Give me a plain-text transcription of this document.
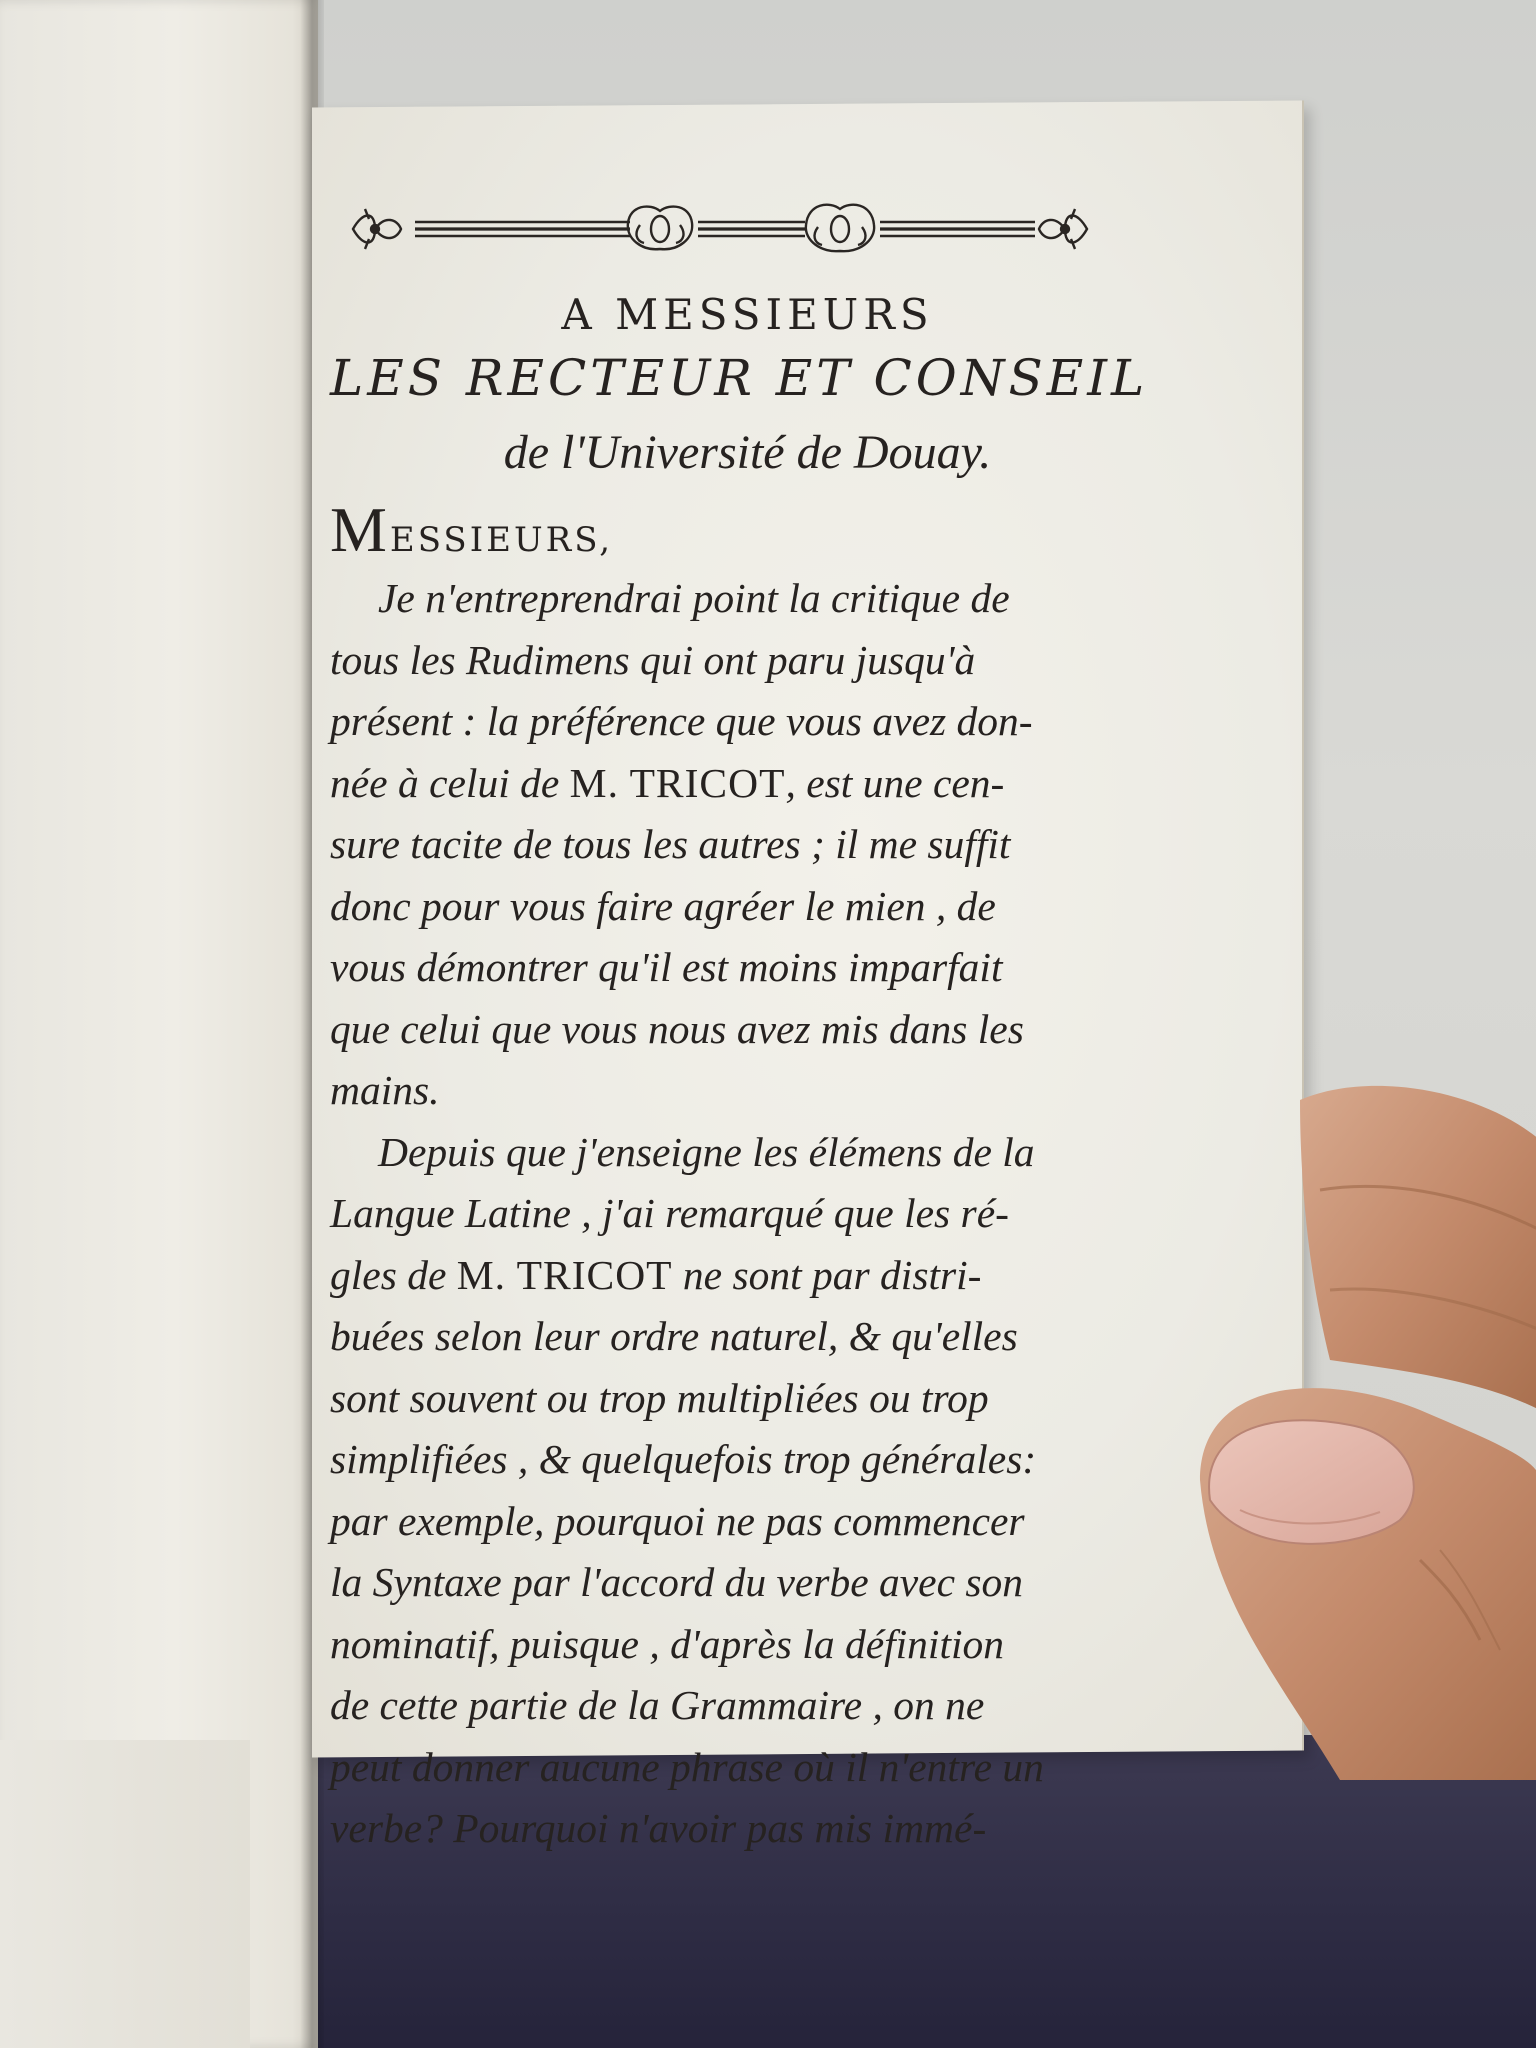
A MESSIEURS
LES RECTEUR ET CONSEIL
de l'Université de Douay.
MESSIEURS,
Je n'entreprendrai point la critique de
tous les Rudimens qui ont paru jusqu'à
présent : la préférence que vous avez don-
née à celui de M. TRICOT, est une cen-
sure tacite de tous les autres ; il me suffit
donc pour vous faire agréer le mien , de
vous démontrer qu'il est moins imparfait
que celui que vous nous avez mis dans les
mains.
Depuis que j'enseigne les élémens de la
Langue Latine , j'ai remarqué que les ré-
gles de M. TRICOT ne sont par distri-
buées selon leur ordre naturel, & qu'elles
sont souvent ou trop multipliées ou trop
simplifiées , & quelquefois trop générales:
par exemple, pourquoi ne pas commencer
la Syntaxe par l'accord du verbe avec son
nominatif, puisque , d'après la définition
de cette partie de la Grammaire , on ne
peut donner aucune phrase où il n'entre un
verbe? Pourquoi n'avoir pas mis immé-
